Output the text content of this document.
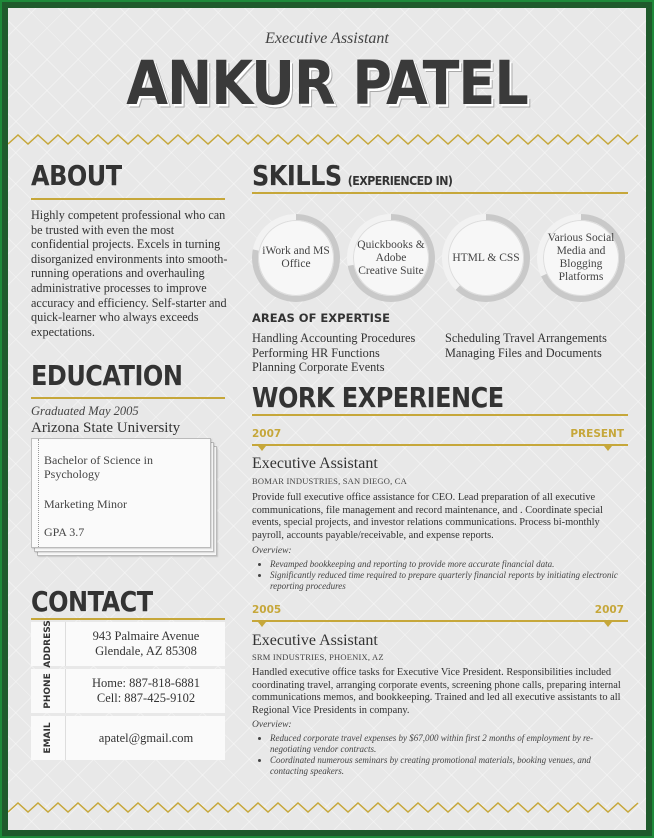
Executive Assistant
ANKUR PATEL
ABOUT
Highly competent professional who can be trusted with even the most confidential projects. Excels in turning disorganized environments into smooth-running operations and overhauling administrative processes to improve accuracy and efficiency. Self-starter and quick-learner who always exceeds expectations.
EDUCATION
Graduated May 2005
Arizona State University
Bachelor of Science in Psychology
Marketing Minor
GPA 3.7
CONTACT
ADDRESS	943 Palmaire Avenue
Glendale, AZ 85308
PHONE	Home: 887-818-6881
Cell: 887-425-9102
EMAIL	apatel@gmail.com
SKILLS (EXPERIENCED IN)
iWork and MS Office
Quickbooks & Adobe Creative Suite
HTML & CSS
Various Social Media and Blogging Platforms
AREAS OF EXPERTISE
Handling Accounting Procedures
Performing HR Functions
Planning Corporate Events
Scheduling Travel Arrangements
Managing Files and Documents
WORK EXPERIENCE
2007	PRESENT
Executive Assistant
BOMAR INDUSTRIES, SAN DIEGO, CA
Provide full executive office assistance for CEO. Lead preparation of all executive communications, file management and record maintenance, and . Coordinate special events, special projects, and investor relations communications. Process bi-monthly payroll, accounts payable/receivable, and expense reports.
Overview:
• Revamped bookkeeping and reporting to provide more accurate financial data.
• Significantly reduced time required to prepare quarterly financial reports by initiating electronic reporting procedures
2005	2007
Executive Assistant
SRM INDUSTRIES, PHOENIX, AZ
Handled executive office tasks for Executive Vice President. Responsibilities included coordinating travel, arranging corporate events, screening phone calls, preparing internal communications memos, and bookkeeping. Trained and led all executive assistants to all Regional Vice Presidents in company.
Overview:
• Reduced corporate travel expenses by $67,000 within first 2 months of employment by re-negotiating vendor contracts.
• Coordinated numerous seminars by creating promotional materials, booking venues, and contacting speakers.
